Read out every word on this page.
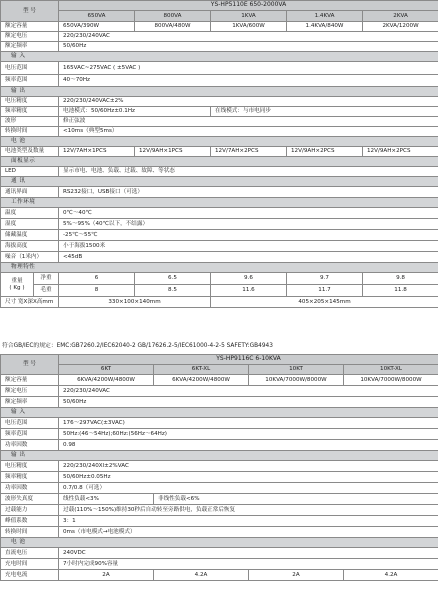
型 号		YS-HP5110E 650-2000VA				
		650VA	800VA	1KVA	1.4KVA	2KVA
额定容量		650VA/390W	800VA/480W	1KVA/600W	1.4KVA/840W	2KVA/1200W
额定电压		220/230/240VAC				
额定频率		50/60Hz				
输 入						
电压范围		165VAC~275VAC ( ±5VAC )				
频率范围		40～70Hz				
输 出						
电压精度		220/230/240VAC±2%				
频率精度		电池模式：50/60Hz±0.1Hz		在线模式：与市电同步		
波形		修正弦波				
转换时间		<10ms（典型5ms）				
电 池						
电池类型及数量		12V/7AH×1PCS	12V/9AH×1PCS	12V/7AH×2PCS	12V/9AH×2PCS	12V/9AH×2PCS
面板显示						
LED		显示市电、电池、负载、过载、故障、等状态				
通 讯						
通讯界面		RS232接口，USB接口（可选）				
工作环境						
温度		0℃～40℃				
湿度		5%～95%（40℃以下，不结露）				
储藏温度		-25℃～55℃				
海拔高度		小于海拔1500米				
噪音（1米内）		<45dB				
物理特性						

重量
( Kg )	净重	6	6.5	9.6	9.7	9.8
	毛重	8	8.5	11.6	11.7	11.8
尺寸 宽X深X高mm		330×100×140mm		405×205×145mm		
符合GB/IEC的规定：EMC:GB7260.2/IEC62040-2 GB/17626.2-5/IEC61000-4-2-5 SAFETY:GB4943
型 号	YS-HP9116C 6-10KVA			
	6KT	6KT-XL	10KT	10KT-XL
额定容量	6KVA/4200W/4800W	6KVA/4200W/4800W	10KVA/7000W/8000W	10KVA/7000W/8000W
额定电压	220/230/240VAC			
额定频率	50/60Hz			
输 入				
电压范围	176～297VAC(±3VAC)			
频率范围	50Hz:(46～54Hz);60Hz:(56Hz～64Hz)			
功率因数	0.98			
输 出				
电压精度	220/230/240Xl±2%VAC			
频率精度	50/60Hz±0.05Hz			
功率因数	0.7/0.8（可选）			
波形失真度	线性负载<3%	非线性负载<6%		
过载能力	过载(110%～150%)维持30秒后自动转至旁路供电，负载正常后恢复			
峰值系数	3：1			
转换时间	0ms（市电模式→电池模式）			
电 池				
直流电压	240VDC			
充电时间	7小时内完成90%容量			
充电电流	2A	4.2A	2A	4.2A
